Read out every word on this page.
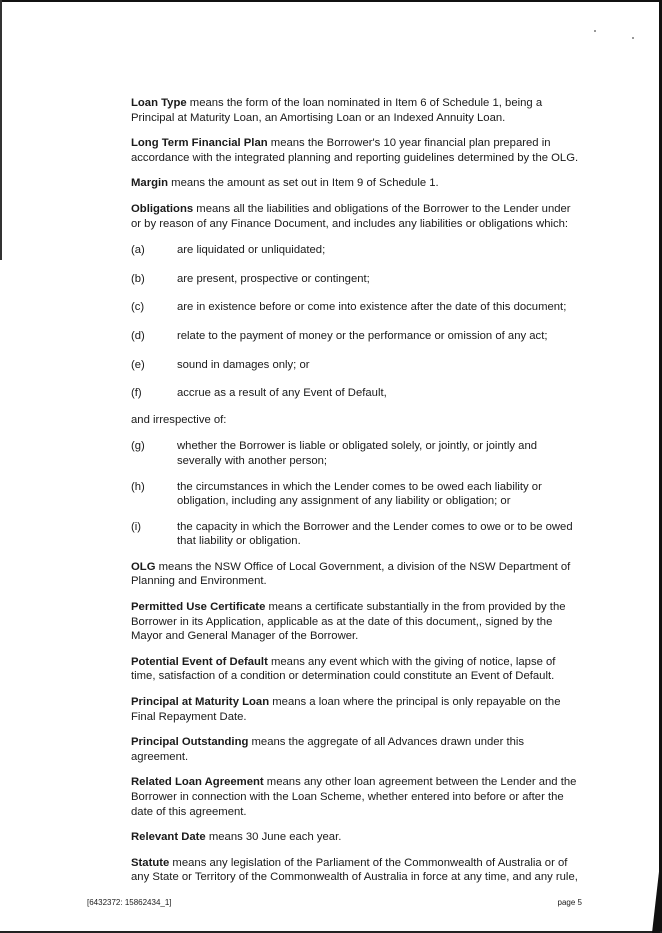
Loan Type means the form of the loan nominated in Item 6 of Schedule 1, being a Principal at Maturity Loan, an Amortising Loan or an Indexed Annuity Loan.

Long Term Financial Plan means the Borrower's 10 year financial plan prepared in accordance with the integrated planning and reporting guidelines determined by the OLG.

Margin means the amount as set out in Item 9 of Schedule 1.

Obligations means all the liabilities and obligations of the Borrower to the Lender under or by reason of any Finance Document, and includes any liabilities or obligations which:

(a)	are liquidated or unliquidated;
(b)	are present, prospective or contingent;
(c)	are in existence before or come into existence after the date of this document;
(d)	relate to the payment of money or the performance or omission of any act;
(e)	sound in damages only; or
(f)	accrue as a result of any Event of Default,

and irrespective of:

(g)	whether the Borrower is liable or obligated solely, or jointly, or jointly and severally with another person;
(h)	the circumstances in which the Lender comes to be owed each liability or obligation, including any assignment of any liability or obligation; or
(i)	the capacity in which the Borrower and the Lender comes to owe or to be owed that liability or obligation.

OLG means the NSW Office of Local Government, a division of the NSW Department of Planning and Environment.

Permitted Use Certificate means a certificate substantially in the from provided by the Borrower in its Application, applicable as at the date of this document,, signed by the Mayor and General Manager of the Borrower.

Potential Event of Default means any event which with the giving of notice, lapse of time, satisfaction of a condition or determination could constitute an Event of Default.

Principal at Maturity Loan means a loan where the principal is only repayable on the Final Repayment Date.

Principal Outstanding means the aggregate of all Advances drawn under this agreement.

Related Loan Agreement means any other loan agreement between the Lender and the Borrower in connection with the Loan Scheme, whether entered into before or after the date of this agreement.

Relevant Date means 30 June each year.

Statute means any legislation of the Parliament of the Commonwealth of Australia or of any State or Territory of the Commonwealth of Australia in force at any time, and any rule,

[6432372: 15862434_1]	page 5
